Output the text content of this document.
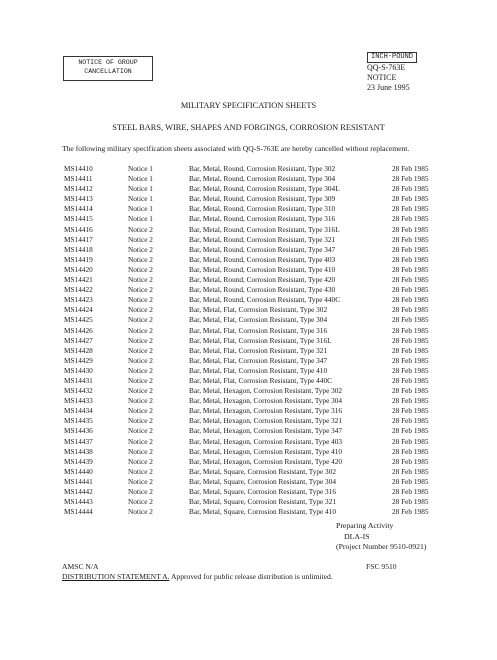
NOTICE OF GROUP
CANCELLATION
INCH-POUND
QQ-S-763E
NOTICE
23 June 1995
MILITARY SPECIFICATION SHEETS
STEEL BARS, WIRE, SHAPES AND FORGINGS, CORROSION RESISTANT
The following military specification sheets associated with QQ-S-763E are hereby cancelled without replacement.
MS14410	Notice 1	Bar, Metal, Round, Corrosion Resistant, Type 302	28 Feb 1985
MS14411	Notice 1	Bar, Metal, Round, Corrosion Resistant, Type 304	28 Feb 1985
MS14412	Notice 1	Bar, Metal, Round, Corrosion Resistant, Type 304L	28 Feb 1985
MS14413	Notice 1	Bar, Metal, Round, Corrosion Resistant, Type 309	28 Feb 1985
MS14414	Notice 1	Bar, Metal, Round, Corrosion Resistant, Type 310	28 Feb 1985
MS14415	Notice 1	Bar, Metal, Round, Corrosion Resistant, Type 316	28 Feb 1985
MS14416	Notice 2	Bar, Metal, Round, Corrosion Resistant, Type 316L	28 Feb 1985
MS14417	Notice 2	Bar, Metal, Round, Corrosion Resistant, Type 321	28 Feb 1985
MS14418	Notice 2	Bar, Metal, Round, Corrosion Resistant, Type 347	28 Feb 1985
MS14419	Notice 2	Bar, Metal, Round, Corrosion Resistant, Type 403	28 Feb 1985
MS14420	Notice 2	Bar, Metal, Round, Corrosion Resistant, Type 410	28 Feb 1985
MS14421	Notice 2	Bar, Metal, Round, Corrosion Resistant, Type 420	28 Feb 1985
MS14422	Notice 2	Bar, Metal, Round, Corrosion Resistant, Type 430	28 Feb 1985
MS14423	Notice 2	Bar, Metal, Round, Corrosion Resistant, Type 440C	28 Feb 1985
MS14424	Notice 2	Bar, Metal, Flat, Corrosion Resistant, Type 302	28 Feb 1985
MS14425	Notice 2	Bar, Metal, Flat, Corrosion Resistant, Type 304	28 Feb 1985
MS14426	Notice 2	Bar, Metal, Flat, Corrosion Resistant, Type 316	28 Feb 1985
MS14427	Notice 2	Bar, Metal, Flat, Corrosion Resistant, Type 316L	28 Feb 1985
MS14428	Notice 2	Bar, Metal, Flat, Corrosion Resistant, Type 321	28 Feb 1985
MS14429	Notice 2	Bar, Metal, Flat, Corrosion Resistant, Type 347	28 Feb 1985
MS14430	Notice 2	Bar, Metal, Flat, Corrosion Resistant, Type 410	28 Feb 1985
MS14431	Notice 2	Bar, Metal, Flat, Corrosion Resistant, Type 440C	28 Feb 1985
MS14432	Notice 2	Bar, Metal, Hexagon, Corrosion Resistant, Type 302	28 Feb 1985
MS14433	Notice 2	Bar, Metal, Hexagon, Corrosion Resistant, Type 304	28 Feb 1985
MS14434	Notice 2	Bar, Metal, Hexagon, Corrosion Resistant, Type 316	28 Feb 1985
MS14435	Notice 2	Bar, Metal, Hexagon, Corrosion Resistant, Type 321	28 Feb 1985
MS14436	Notice 2	Bar, Metal, Hexagon, Corrosion Resistant, Type 347	28 Feb 1985
MS14437	Notice 2	Bar, Metal, Hexagon, Corrosion Resistant, Type 403	28 Feb 1985
MS14438	Notice 2	Bar, Metal, Hexagon, Corrosion Resistant, Type 410	28 Feb 1985
MS14439	Notice 2	Bar, Metal, Hexagon, Corrosion Resistant, Type 420	28 Feb 1985
MS14440	Notice 2	Bar, Metal, Square, Corrosion Resistant, Type 302	28 Feb 1985
MS14441	Notice 2	Bar, Metal, Square, Corrosion Resistant, Type 304	28 Feb 1985
MS14442	Notice 2	Bar, Metal, Square, Corrosion Resistant, Type 316	28 Feb 1985
MS14443	Notice 2	Bar, Metal, Square, Corrosion Resistant, Type 321	28 Feb 1985
MS14444	Notice 2	Bar, Metal, Square, Corrosion Resistant, Type 410	28 Feb 1985
Preparing Activity
DLA-IS
(Project Number 9510-0921)
AMSC N/A	FSC 9510
DISTRIBUTION STATEMENT A. Approved for public release distribution is unlimited.
